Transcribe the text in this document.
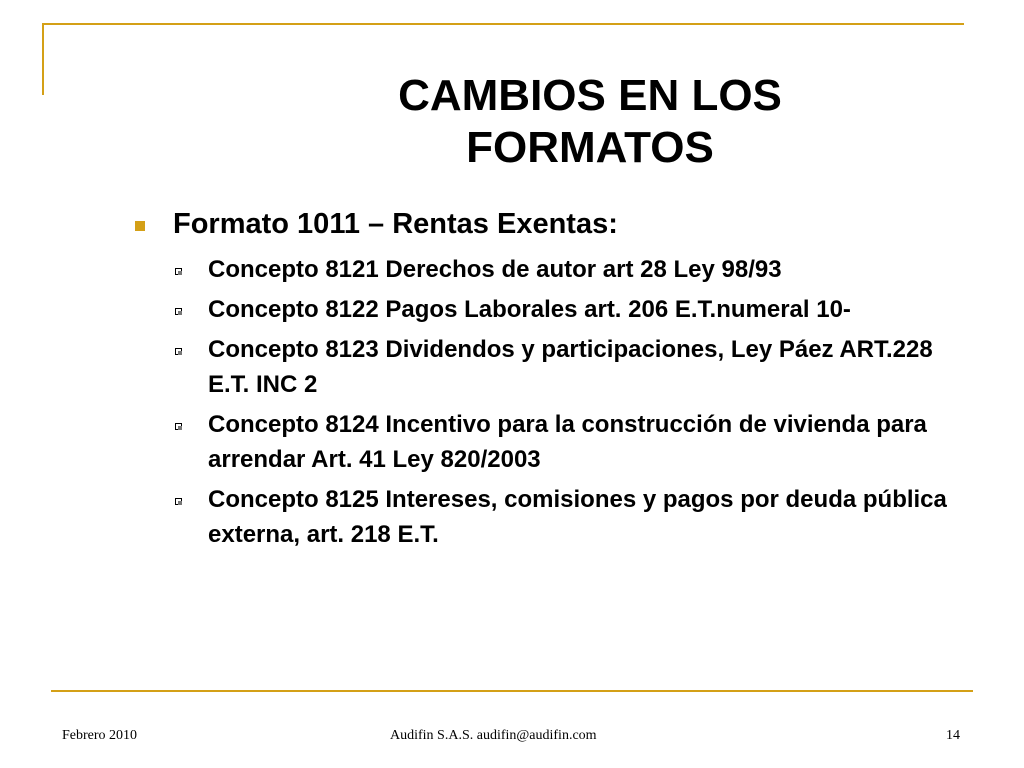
CAMBIOS EN LOS
FORMATOS
Formato 1011 – Rentas Exentas:
Concepto 8121 Derechos de autor art 28 Ley 98/93
Concepto 8122 Pagos Laborales art. 206 E.T.numeral 10-
Concepto 8123 Dividendos y participaciones, Ley Páez ART.228 E.T. INC 2
Concepto 8124 Incentivo para la construcción de vivienda para arrendar Art. 41 Ley 820/2003
Concepto 8125 Intereses, comisiones y pagos por deuda pública externa, art. 218 E.T.
Febrero 2010	Audifin S.A.S. audifin@audifin.com	14
